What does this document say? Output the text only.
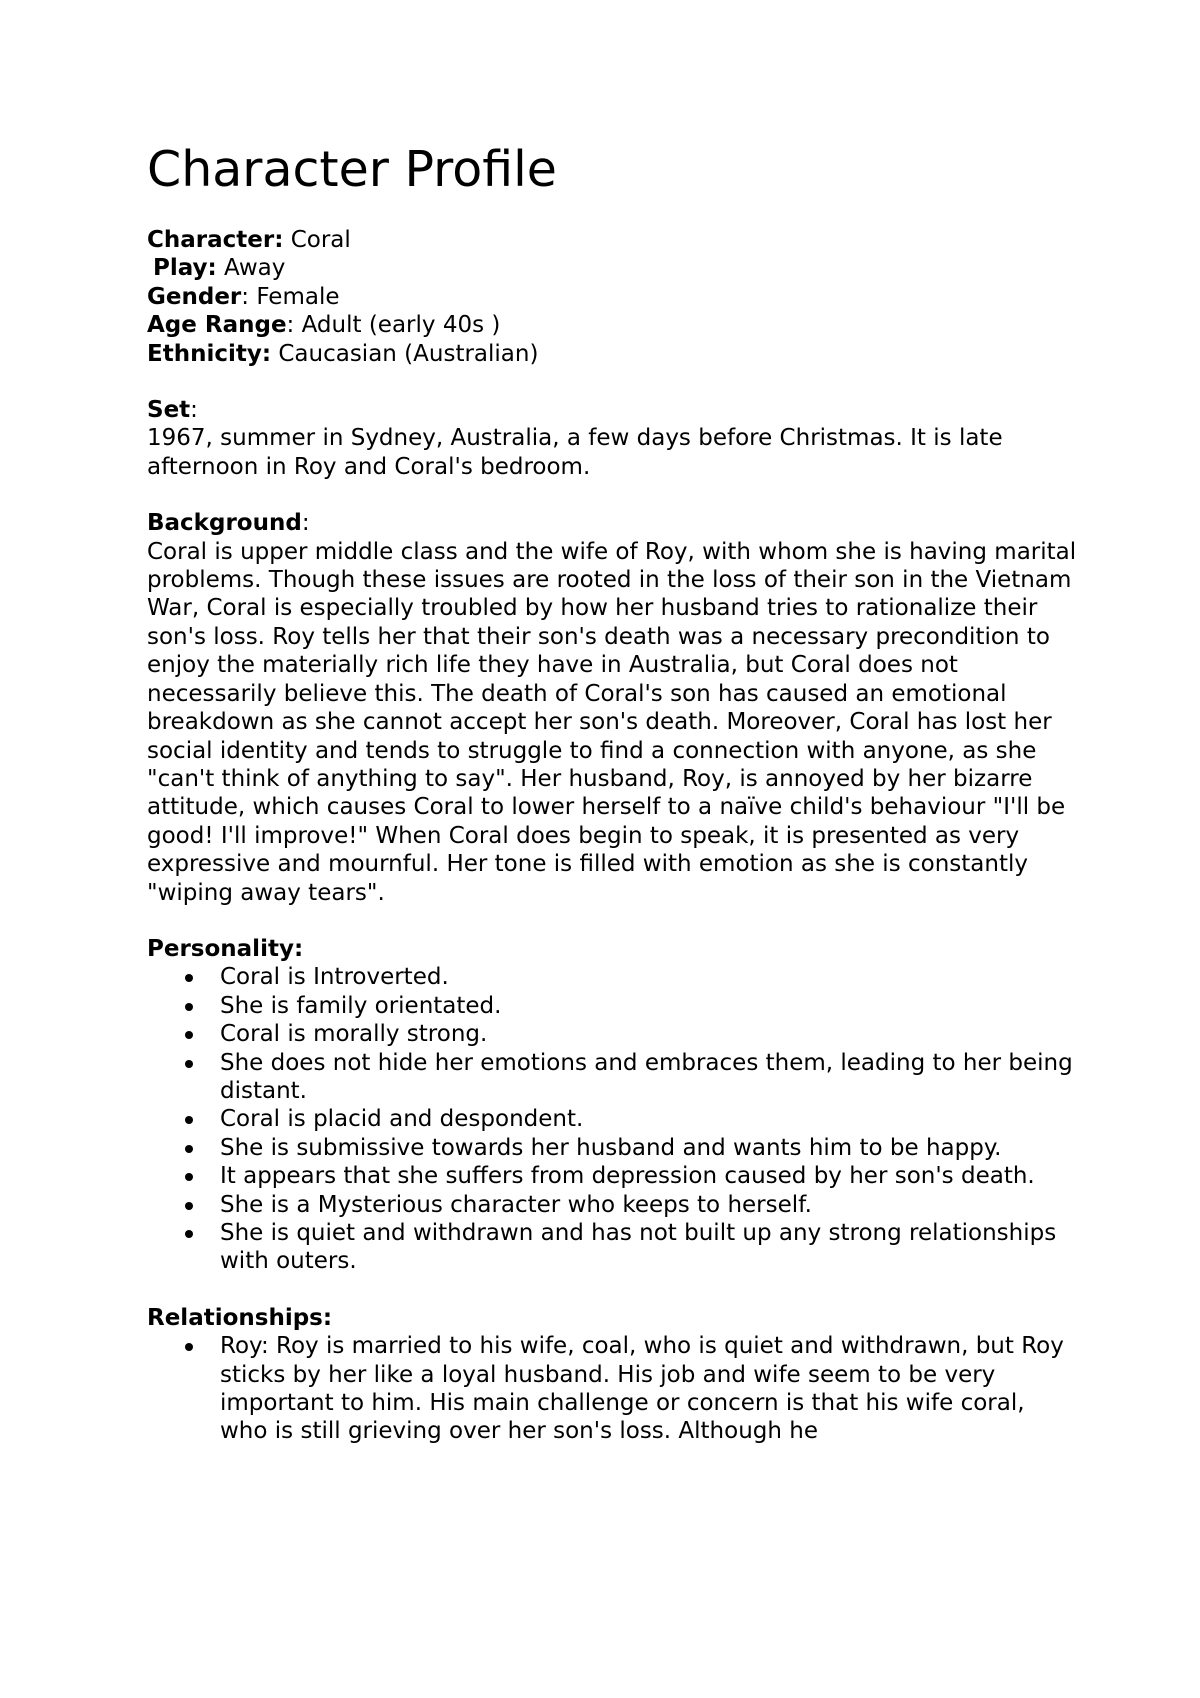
Character Profile

Character: Coral

Play: Away

Gender: Female

Age Range: Adult (early 40s )

Ethnicity: Caucasian (Australian)

Set:

1967, summer in Sydney, Australia, a few days before Christmas. It is late afternoon in Roy and Coral's bedroom.

Background:

Coral is upper middle class and the wife of Roy, with whom she is having marital problems. Though these issues are rooted in the loss of their son in the Vietnam War, Coral is especially troubled by how her husband tries to rationalize their son's loss. Roy tells her that their son's death was a necessary precondition to enjoy the materially rich life they have in Australia, but Coral does not necessarily believe this. The death of Coral's son has caused an emotional breakdown as she cannot accept her son's death. Moreover, Coral has lost her social identity and tends to struggle to find a connection with anyone, as she "can't think of anything to say". Her husband, Roy, is annoyed by her bizarre attitude, which causes Coral to lower herself to a naïve child's behaviour "I'll be good! I'll improve!" When Coral does begin to speak, it is presented as very expressive and mournful. Her tone is filled with emotion as she is constantly "wiping away tears".

Personality:

Coral is Introverted.
She is family orientated.
Coral is morally strong.
She does not hide her emotions and embraces them, leading to her being distant.
Coral is placid and despondent.
She is submissive towards her husband and wants him to be happy.
It appears that she suffers from depression caused by her son's death.
She is a Mysterious character who keeps to herself.
She is quiet and withdrawn and has not built up any strong relationships with outers.

Relationships:

Roy: Roy is married to his wife, coal, who is quiet and withdrawn, but Roy sticks by her like a loyal husband. His job and wife seem to be very important to him. His main challenge or concern is that his wife coral, who is still grieving over her son's loss. Although he
